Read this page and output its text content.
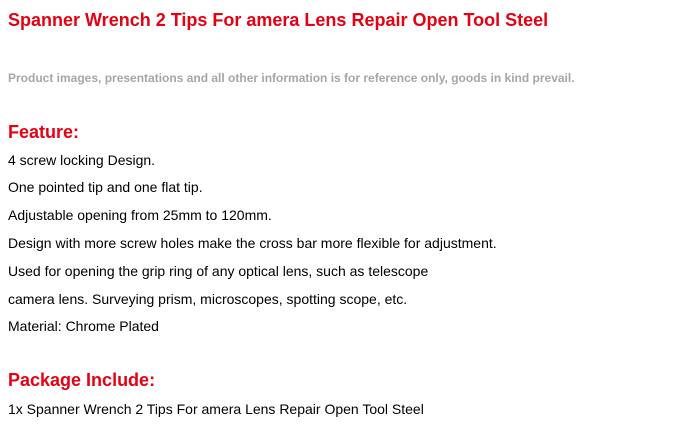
Spanner Wrench 2 Tips For amera Lens Repair Open Tool Steel
Product images, presentations and all other information is for reference only, goods in kind prevail.
Feature:
4 screw locking Design.
One pointed tip and one flat tip.
Adjustable opening from 25mm to 120mm.
Design with more screw holes make the cross bar more flexible for adjustment.
Used for opening the grip ring of any optical lens, such as telescope
camera lens. Surveying prism, microscopes, spotting scope, etc.
Material: Chrome Plated
Package Include:
1x Spanner Wrench 2 Tips For amera Lens Repair Open Tool Steel
